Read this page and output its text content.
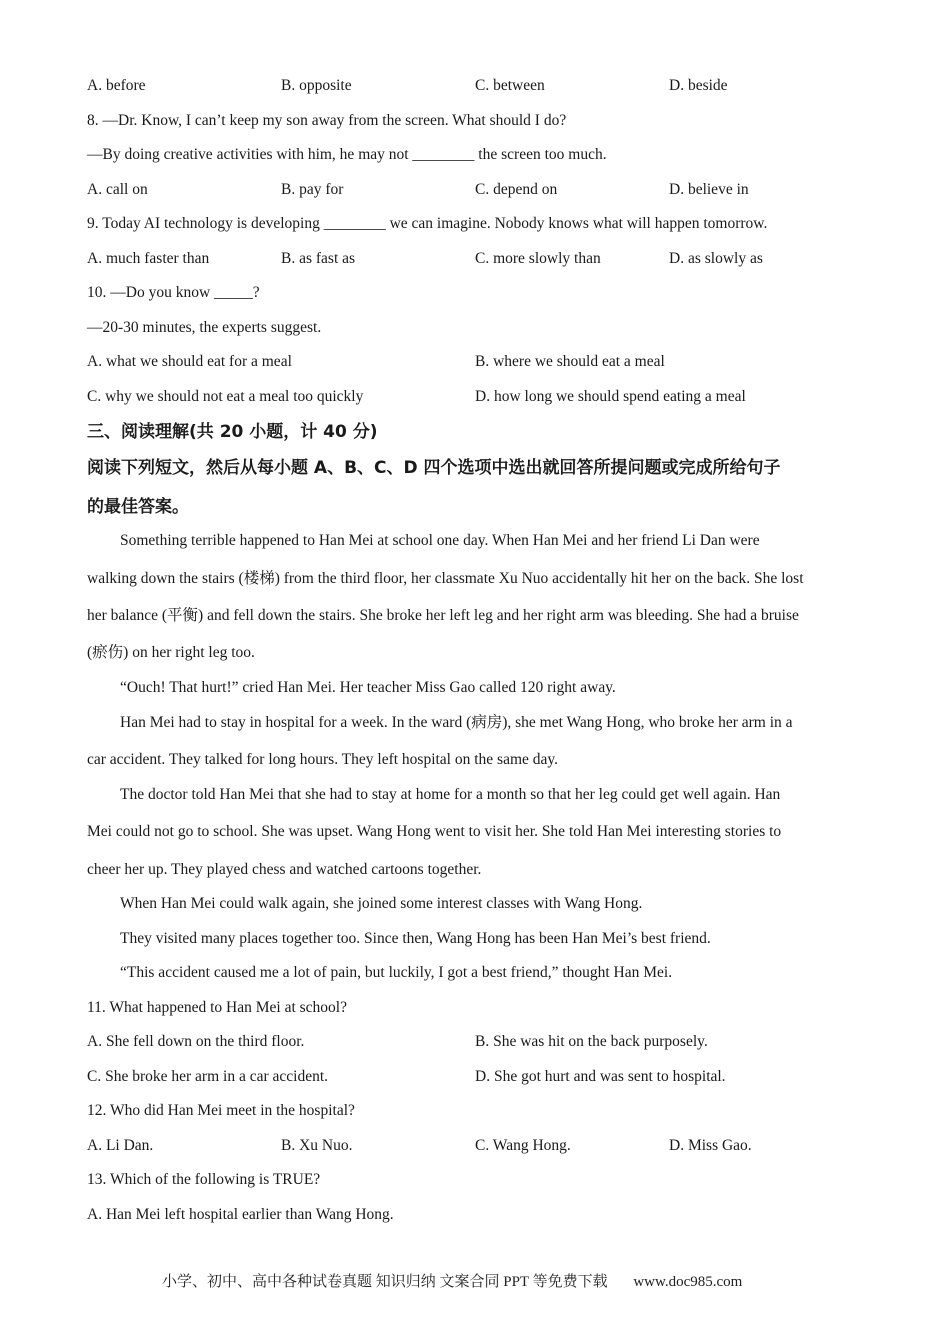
A. before	B. opposite	C. between	D. beside
8. —Dr. Know, I can’t keep my son away from the screen. What should I do?
—By doing creative activities with him, he may not ________ the screen too much.
A. call on	B. pay for	C. depend on	D. believe in
9. Today AI technology is developing ________ we can imagine. Nobody knows what will happen tomorrow.
A. much faster than	B. as fast as	C. more slowly than	D. as slowly as
10. —Do you know _____?
—20-30 minutes, the experts suggest.
A. what we should eat for a meal	B. where we should eat a meal
C. why we should not eat a meal too quickly	D. how long we should spend eating a meal
三、阅读理解(共 20 小题，计 40 分)
阅读下列短文，然后从每小题 A、B、C、D 四个选项中选出就回答所提问题或完成所给句子
的最佳答案。
Something terrible happened to Han Mei at school one day. When Han Mei and her friend Li Dan were
walking down the stairs (楼梯) from the third floor, her classmate Xu Nuo accidentally hit her on the back. She lost
her balance (平衡) and fell down the stairs. She broke her left leg and her right arm was bleeding. She had a bruise
(瘀伤) on her right leg too.
“Ouch! That hurt!” cried Han Mei. Her teacher Miss Gao called 120 right away.
Han Mei had to stay in hospital for a week. In the ward (病房), she met Wang Hong, who broke her arm in a
car accident. They talked for long hours. They left hospital on the same day.
The doctor told Han Mei that she had to stay at home for a month so that her leg could get well again. Han
Mei could not go to school. She was upset. Wang Hong went to visit her. She told Han Mei interesting stories to
cheer her up. They played chess and watched cartoons together.
When Han Mei could walk again, she joined some interest classes with Wang Hong.
They visited many places together too. Since then, Wang Hong has been Han Mei’s best friend.
“This accident caused me a lot of pain, but luckily, I got a best friend,” thought Han Mei.
11. What happened to Han Mei at school?
A. She fell down on the third floor.	B. She was hit on the back purposely.
C. She broke her arm in a car accident.	D. She got hurt and was sent to hospital.
12. Who did Han Mei meet in the hospital?
A. Li Dan.	B. Xu Nuo.	C. Wang Hong.	D. Miss Gao.
13. Which of the following is TRUE?
A. Han Mei left hospital earlier than Wang Hong.
小学、初中、高中各种试卷真题 知识归纳 文案合同 PPT 等免费下载 www.doc985.com
